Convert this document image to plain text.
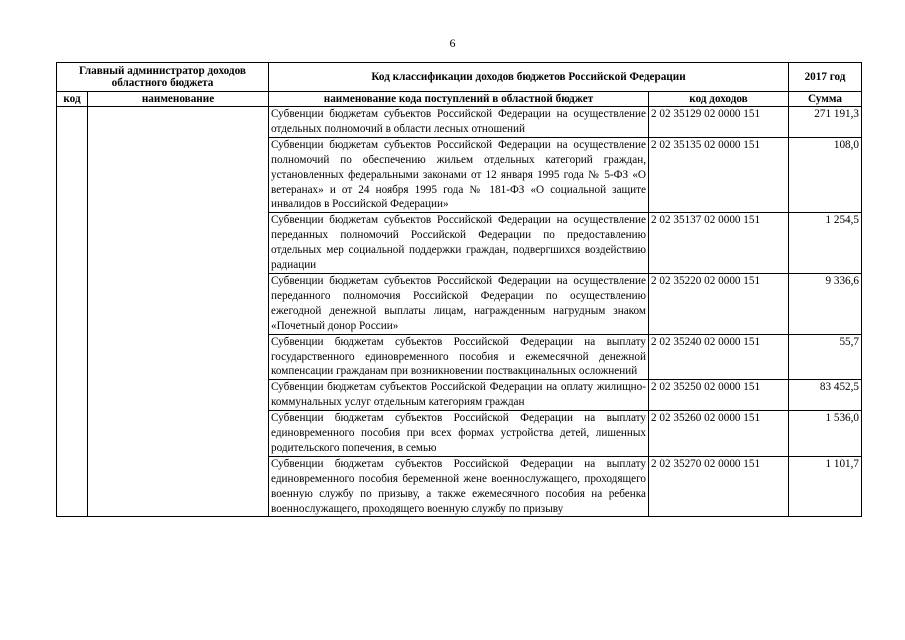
6
Главный администратор доходов областного бюджета		Код классификации доходов бюджетов Российской Федерации		2017 год
код	наименование	наименование кода поступлений в областной бюджет	код доходов	Сумма
		Субвенции бюджетам субъектов Российской Федерации на осуществление отдельных полномочий в области лесных отношений	2 02 35129 02 0000 151	271 191,3
		Субвенции бюджетам субъектов Российской Федерации на осуществление полномочий по обеспечению жильем отдельных категорий граждан, установленных федеральными законами от 12 января 1995 года № 5-ФЗ «О ветеранах» и от 24 ноября 1995 года № 181-ФЗ «О социальной защите инвалидов в Российской Федерации»	2 02 35135 02 0000 151	108,0
		Субвенции бюджетам субъектов Российской Федерации на осуществление переданных полномочий Российской Федерации по предоставлению отдельных мер социальной поддержки граждан, подвергшихся воздействию радиации	2 02 35137 02 0000 151	1 254,5
		Субвенции бюджетам субъектов Российской Федерации на осуществление переданного полномочия Российской Федерации по осуществлению ежегодной денежной выплаты лицам, награжденным нагрудным знаком «Почетный донор России»	2 02 35220 02 0000 151	9 336,6
		Субвенции бюджетам субъектов Российской Федерации на выплату государственного единовременного пособия и ежемесячной денежной компенсации гражданам при возникновении поствакцинальных осложнений	2 02 35240 02 0000 151	55,7
		Субвенции бюджетам субъектов Российской Федерации на оплату жилищно-коммунальных услуг отдельным категориям граждан	2 02 35250 02 0000 151	83 452,5
		Субвенции бюджетам субъектов Российской Федерации на выплату единовременного пособия при всех формах устройства детей, лишенных родительского попечения, в семью	2 02 35260 02 0000 151	1 536,0
		Субвенции бюджетам субъектов Российской Федерации на выплату единовременного пособия беременной жене военнослужащего, проходящего военную службу по призыву, а также ежемесячного пособия на ребенка военнослужащего, проходящего военную службу по призыву	2 02 35270 02 0000 151	1 101,7
